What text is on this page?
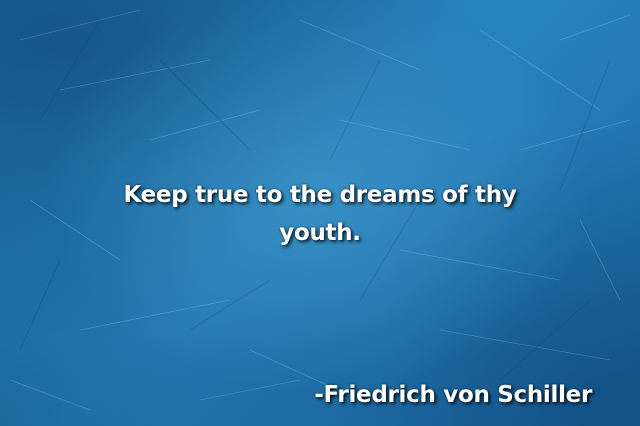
Keep true to the dreams of thy youth.
-Friedrich von Schiller
